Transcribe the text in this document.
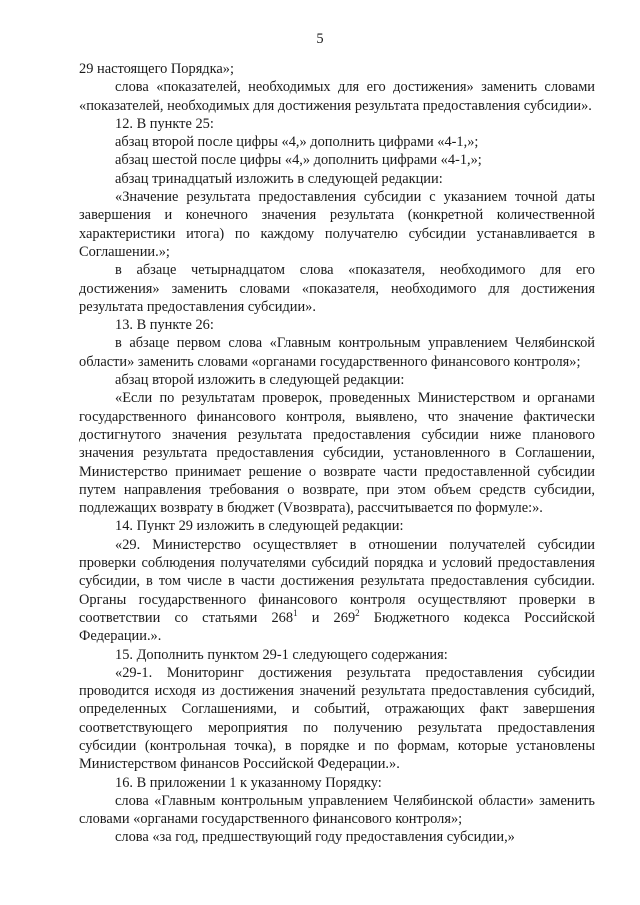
5

29 настоящего Порядка»;

слова «показателей, необходимых для его достижения» заменить словами «показателей, необходимых для достижения результата предоставления субсидии».

12. В пункте 25:

абзац второй после цифры «4,» дополнить цифрами «4-1,»;

абзац шестой после цифры «4,» дополнить цифрами «4-1,»;

абзац тринадцатый изложить в следующей редакции:

«Значение результата предоставления субсидии с указанием точной даты завершения и конечного значения результата (конкретной количественной характеристики итога) по каждому получателю субсидии устанавливается в Соглашении.»;

в абзаце четырнадцатом слова «показателя, необходимого для его достижения» заменить словами «показателя, необходимого для достижения результата предоставления субсидии».

13. В пункте 26:

в абзаце первом слова «Главным контрольным управлением Челябинской области» заменить словами «органами государственного финансового контроля»;

абзац второй изложить в следующей редакции:

«Если по результатам проверок, проведенных Министерством и органами государственного финансового контроля, выявлено, что значение фактически достигнутого значения результата предоставления субсидии ниже планового значения результата предоставления субсидии, установленного в Соглашении, Министерство принимает решение о возврате части предоставленной субсидии путем направления требования о возврате, при этом объем средств субсидии, подлежащих возврату в бюджет (Vвозврата), рассчитывается по формуле:».

14. Пункт 29 изложить в следующей редакции:

«29. Министерство осуществляет в отношении получателей субсидии проверки соблюдения получателями субсидий порядка и условий предоставления субсидии, в том числе в части достижения результата предоставления субсидии. Органы государственного финансового контроля осуществляют проверки в соответствии со статьями $268^1$ и $269^2$ Бюджетного кодекса Российской Федерации.».

15. Дополнить пунктом 29-1 следующего содержания:

«29-1. Мониторинг достижения результата предоставления субсидии проводится исходя из достижения значений результата предоставления субсидий, определенных Соглашениями, и событий, отражающих факт завершения соответствующего мероприятия по получению результата предоставления субсидии (контрольная точка), в порядке и по формам, которые установлены Министерством финансов Российской Федерации.».

16. В приложении 1 к указанному Порядку:

слова «Главным контрольным управлением Челябинской области» заменить словами «органами государственного финансового контроля»;

слова «за год, предшествующий году предоставления субсидии,»
